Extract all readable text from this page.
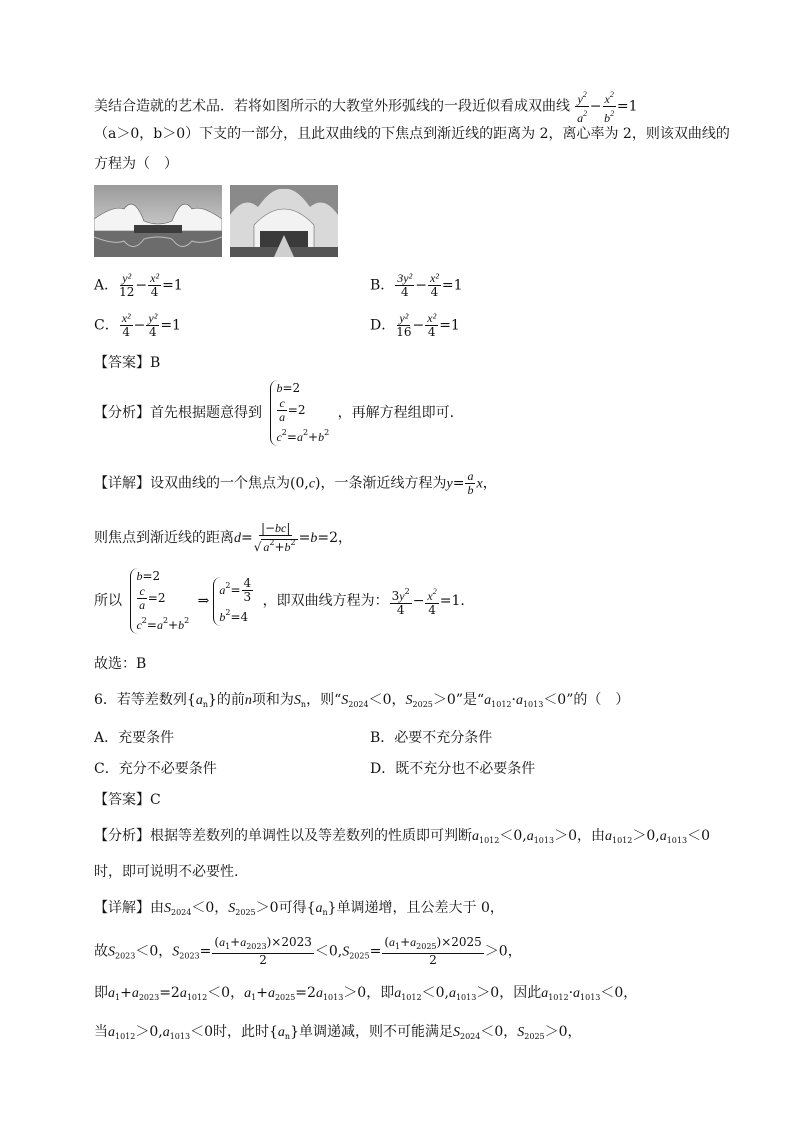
美结合造就的艺术品．若将如图所示的大教堂外形弧线的一段近似看成双曲线 $\frac{y^2}{a^2} - \frac{x^2}{b^2} =1$
（a＞0，b＞0）下支的一部分，且此双曲线的下焦点到渐近线的距离为 2，离心率为 2，则该双曲线的
方程为（　）
A． $\frac{\text{y²}}{12} - \frac{\text{x²}}{4} =1$	B． $\frac{\text{3y²}}{4} - \frac{\text{x²}}{4} =1$
C． $\frac{\text{x²}}{4} - \frac{\text{y²}}{4} =1$	D． $\frac{\text{y²}}{16} - \frac{\text{x²}}{4} =1$
【答案】B
【分析】首先根据题意得到 b=2

$\frac{c}{a} =2$
$c^2=a^2+b^2$ ，再解方程组即可.
【详解】设双曲线的一个焦点为(0,c)，一条渐近线方程为$y= \frac{a}{b}$ x，
则焦点到渐近线的距离$d= \frac{|-bc|}{√ a^2+b^2} =b=2$，
所以 b=2

$\frac{c}{a} =2$
$c^2=a^2+b^2$ $\Rightarrow a^2= \frac{4}{3}$

$b^2=4$ ，即双曲线方程为： $\frac{3y^2}{4} - \frac{x^2}{4} =1$.
故选：B
6．若等差数列$\{a_n\}$的前n项和为$S_n$，则“$S_{2024}<0$，$S_{2025}>0$”是“$a_{1012}\cdot a_{1013}<0$”的（　）
A．充要条件	B．必要不充分条件
C．充分不必要条件	D．既不充分也不必要条件
【答案】C
【分析】根据等差数列的单调性以及等差数列的性质即可判断$a_{1012}<0,a_{1013}>0$，由$a_{1012}>0,a_{1013}<0$
时，即可说明不必要性.
【详解】由$S_{2024}<0$，$S_{2025}>0$可得$\{a_n\}$单调递增，且公差大于 0，
故$S_{2023}<0$，$S_{2023}= \frac{(a_1+a_{2023})\times 2023}{2} <0,S_{2025}= \frac{(a_1+a_{2025})\times 2025}{2} >0$，
即$a_1+a_{2023}=2a_{1012}<0$，$a_1+a_{2025}=2a_{1013}>0$，即$a_{1012}<0,a_{1013}>0$，因此$a_{1012}\cdot a_{1013}<0$，
当$a_{1012}>0,a_{1013}<0$时，此时$\{a_n\}$单调递减，则不可能满足$S_{2024}<0$，$S_{2025}>0$，
